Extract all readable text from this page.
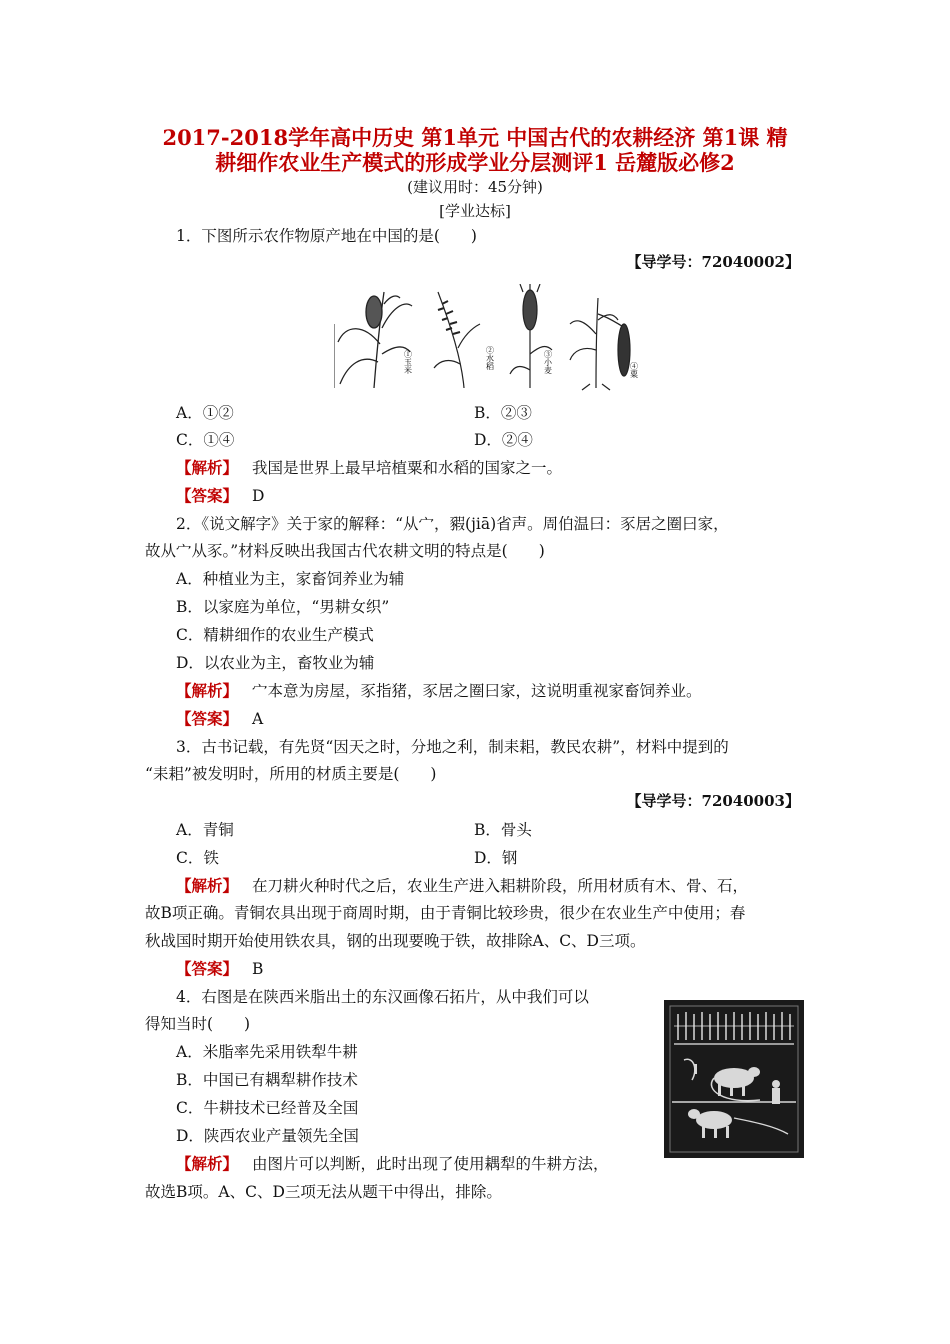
2017-2018学年高中历史 第1单元 中国古代的农耕经济 第1课 精
耕细作农业生产模式的形成学业分层测评1 岳麓版必修2
(建议用时：45分钟)
[学业达标]
1．下图所示农作物原产地在中国的是(　　)
【导学号：72040002】
①玉米	②水稻	③小麦	④粟
A．①②	B．②③
C．①④	D．②④
【解析】 我国是世界上最早培植粟和水稻的国家之一。
【答案】 D
2．《说文解字》关于家的解释：“从宀，豭(jiā)省声。周伯温曰：豕居之圈曰家，
故从宀从豕。”材料反映出我国古代农耕文明的特点是(　　)
A．种植业为主，家畜饲养业为辅
B．以家庭为单位，“男耕女织”
C．精耕细作的农业生产模式
D．以农业为主，畜牧业为辅
【解析】 宀本意为房屋，豕指猪，豕居之圈曰家，这说明重视家畜饲养业。
【答案】 A
3．古书记载，有先贤“因天之时，分地之利，制耒耜，教民农耕”，材料中提到的
“耒耜”被发明时，所用的材质主要是(　　)
【导学号：72040003】
A．青铜	B．骨头
C．铁	D．钢
【解析】 在刀耕火种时代之后，农业生产进入耜耕阶段，所用材质有木、骨、石，
故B项正确。青铜农具出现于商周时期，由于青铜比较珍贵，很少在农业生产中使用；春
秋战国时期开始使用铁农具，钢的出现要晚于铁，故排除A、C、D三项。
【答案】 B
4．右图是在陕西米脂出土的东汉画像石拓片，从中我们可以
得知当时(　　)
A．米脂率先采用铁犁牛耕
B．中国已有耦犁耕作技术
C．牛耕技术已经普及全国
D．陕西农业产量领先全国
【解析】 由图片可以判断，此时出现了使用耦犁的牛耕方法，
故选B项。A、C、D三项无法从题干中得出，排除。
